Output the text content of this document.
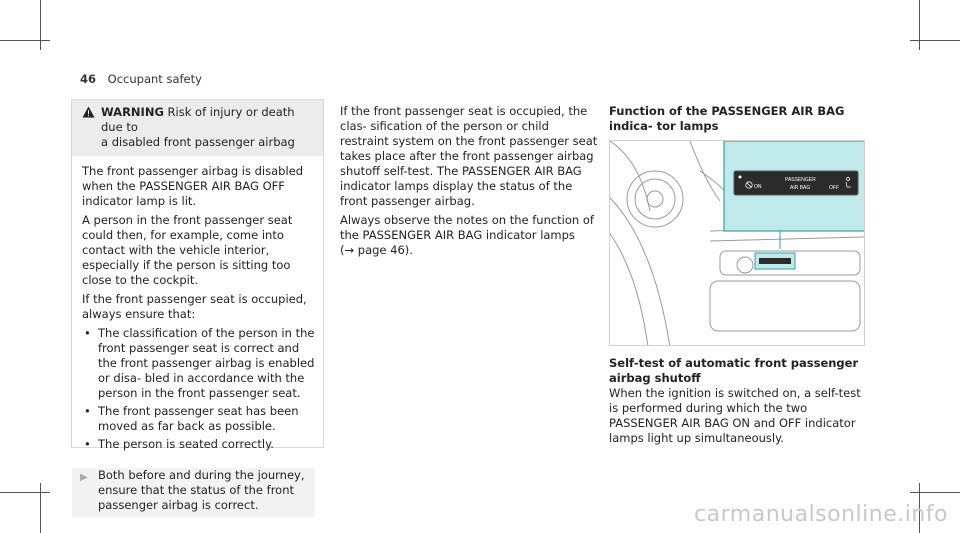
46 Occupant safety
WARNING Risk of injury or death due to
a disabled front passenger airbag

The front passenger airbag is disabled when the PASSENGER AIR BAG OFF indicator lamp is lit.

A person in the front passenger seat could then, for example, come into contact with the vehicle interior, especially if the person is sitting too close to the cockpit.

If the front passenger seat is occupied, always ensure that:

• The classification of the person in the front passenger seat is correct and the front passenger airbag is enabled or disa- bled in accordance with the person in the front passenger seat.
• The front passenger seat has been moved as far back as possible.
• The person is seated correctly.
▶ Both before and during the journey, ensure that the status of the front passenger airbag is correct.

If the front passenger seat is occupied, the clas- sification of the person or child restraint system on the front passenger seat takes place after the front passenger airbag shutoff self-test. The PASSENGER AIR BAG indicator lamps display the status of the front passenger airbag.

Always observe the notes on the function of the PASSENGER AIR BAG indicator lamps
(→ page 46).

Function of the PASSENGER AIR BAG indica- tor lamps

ON
PASSENGER
AIR BAG	OFF

Self-test of automatic front passenger airbag shutoff

When the ignition is switched on, a self-test is performed during which the two PASSENGER AIR BAG ON and OFF indicator lamps light up simultaneously.

carmanualsonline.info
